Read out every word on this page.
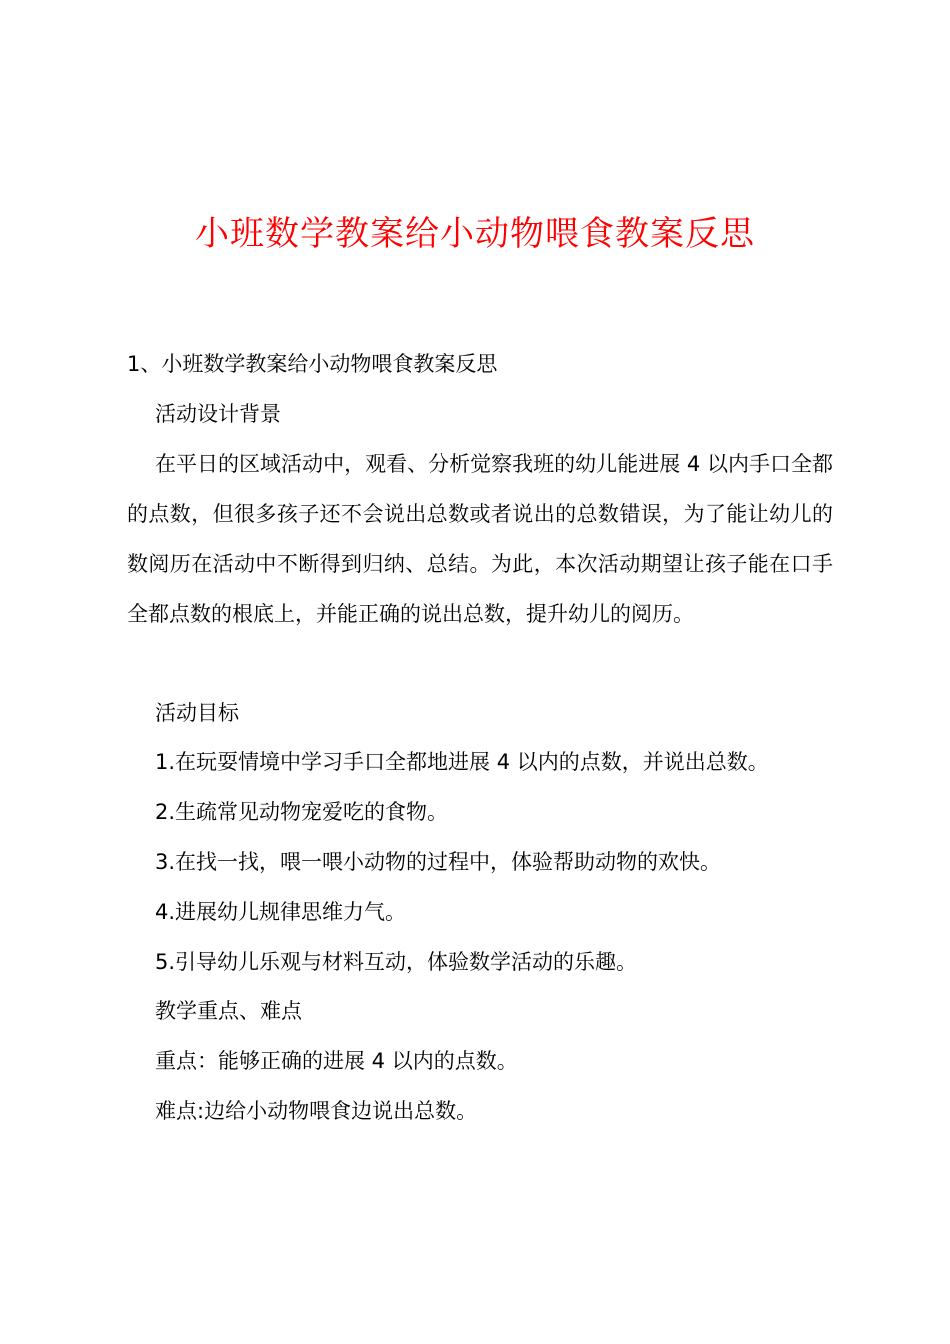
小班数学教案给小动物喂食教案反思
1、小班数学教案给小动物喂食教案反思
活动设计背景
在平日的区域活动中，观看、分析觉察我班的幼儿能进展 4 以内手口全都的点数，但很多孩子还不会说出总数或者说出的总数错误，为了能让幼儿的数阅历在活动中不断得到归纳、总结。为此，本次活动期望让孩子能在口手全都点数的根底上，并能正确的说出总数，提升幼儿的阅历。
活动目标
1.在玩耍情境中学习手口全都地进展 4 以内的点数，并说出总数。
2.生疏常见动物宠爱吃的食物。
3.在找一找，喂一喂小动物的过程中，体验帮助动物的欢快。
4.进展幼儿规律思维力气。
5.引导幼儿乐观与材料互动，体验数学活动的乐趣。
教学重点、难点
重点：能够正确的进展 4 以内的点数。
难点:边给小动物喂食边说出总数。
